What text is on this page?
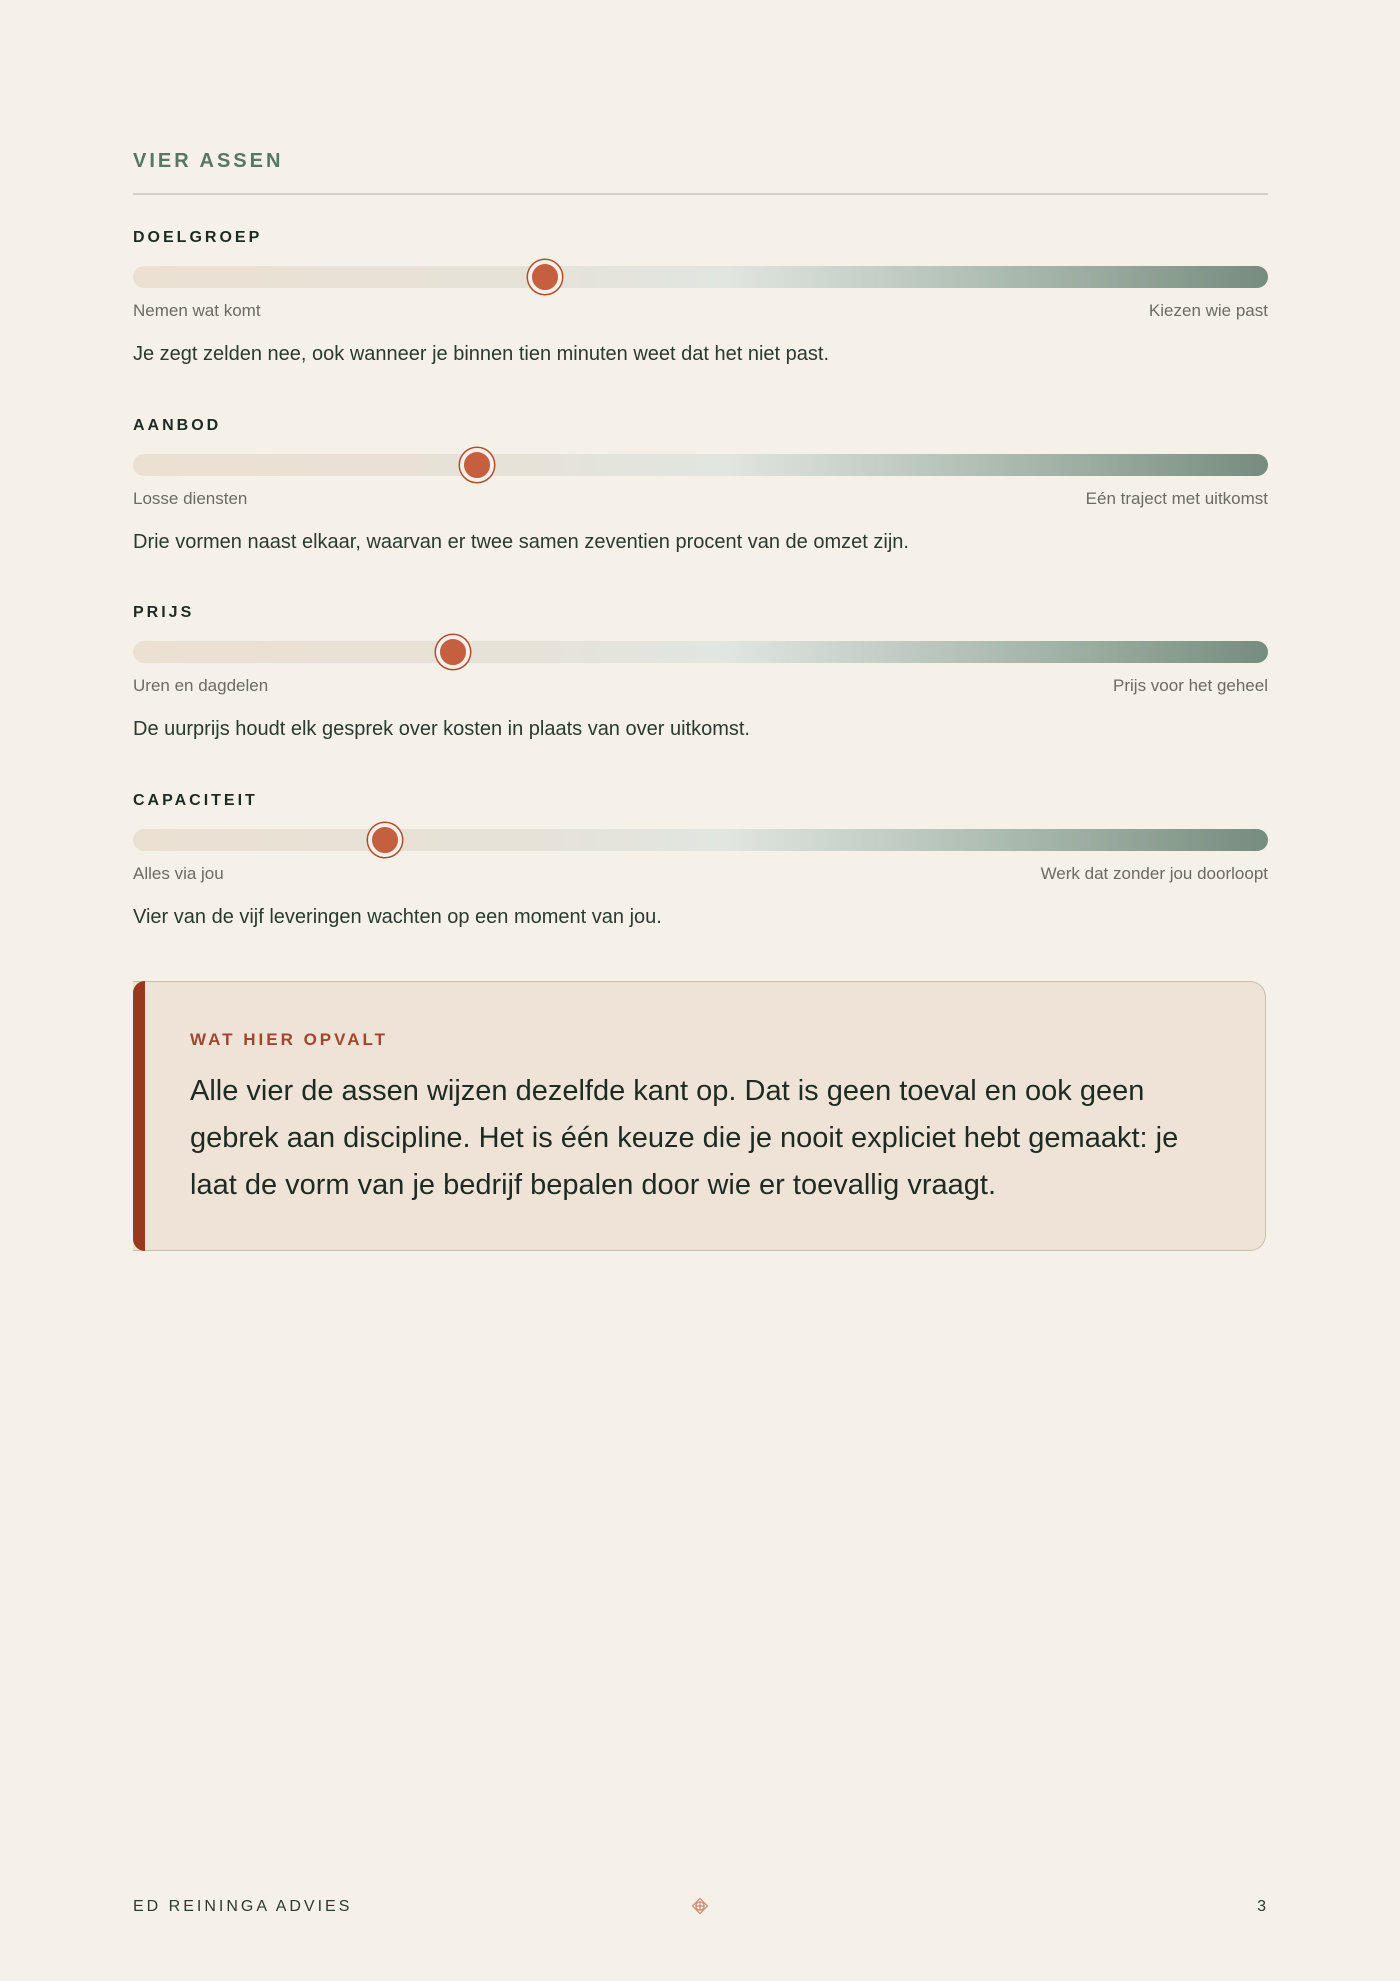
VIER ASSEN
DOELGROEP
Nemen wat komt	Kiezen wie past
Je zegt zelden nee, ook wanneer je binnen tien minuten weet dat het niet past.
AANBOD
Losse diensten	Eén traject met uitkomst
Drie vormen naast elkaar, waarvan er twee samen zeventien procent van de omzet zijn.
PRIJS
Uren en dagdelen	Prijs voor het geheel
De uurprijs houdt elk gesprek over kosten in plaats van over uitkomst.
CAPACITEIT
Alles via jou	Werk dat zonder jou doorloopt
Vier van de vijf leveringen wachten op een moment van jou.
WAT HIER OPVALT
Alle vier de assen wijzen dezelfde kant op. Dat is geen toeval en ook geen gebrek aan discipline. Het is één keuze die je nooit expliciet hebt gemaakt: je laat de vorm van je bedrijf bepalen door wie er toevallig vraagt.
ED REININGA ADVIES	3
